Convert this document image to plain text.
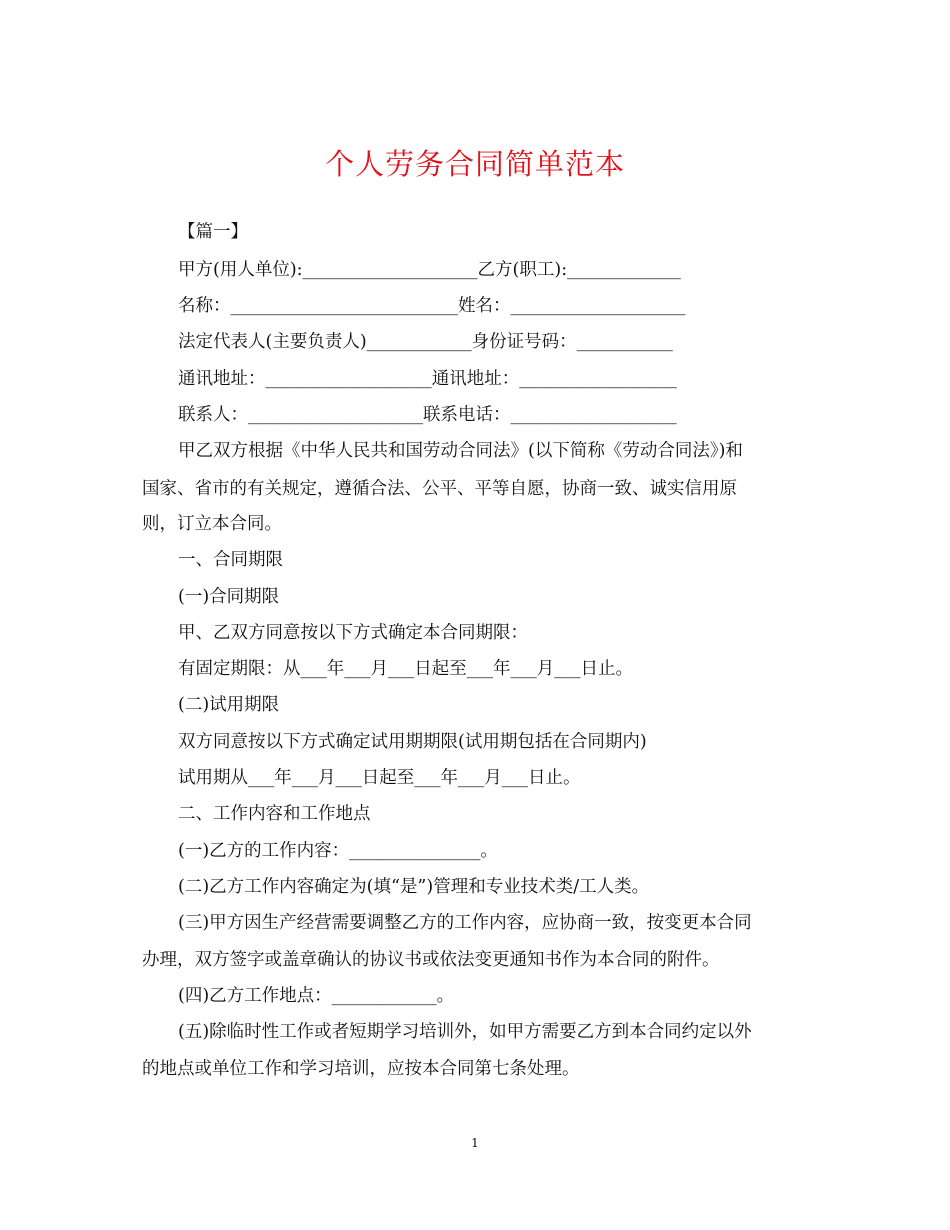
个人劳务合同简单范本
【篇一】
甲方(用人单位):____________________乙方(职工):_____________
名称：__________________________姓名：____________________
法定代表人(主要负责人)____________身份证号码：___________
通讯地址：___________________通讯地址：__________________
联系人：____________________联系电话：___________________
甲乙双方根据《中华人民共和国劳动合同法》(以下简称《劳动合同法》)和
国家、省市的有关规定，遵循合法、公平、平等自愿，协商一致、诚实信用原
则，订立本合同。
一、合同期限
(一)合同期限
甲、乙双方同意按以下方式确定本合同期限：
有固定期限：从___年___月___日起至___年___月___日止。
(二)试用期限
双方同意按以下方式确定试用期期限(试用期包括在合同期内)
试用期从___年___月___日起至___年___月___日止。
二、工作内容和工作地点
(一)乙方的工作内容：_______________。
(二)乙方工作内容确定为(填“是”)管理和专业技术类/工人类。
(三)甲方因生产经营需要调整乙方的工作内容，应协商一致，按变更本合同
办理，双方签字或盖章确认的协议书或依法变更通知书作为本合同的附件。
(四)乙方工作地点：____________。
(五)除临时性工作或者短期学习培训外，如甲方需要乙方到本合同约定以外
的地点或单位工作和学习培训，应按本合同第七条处理。
1
